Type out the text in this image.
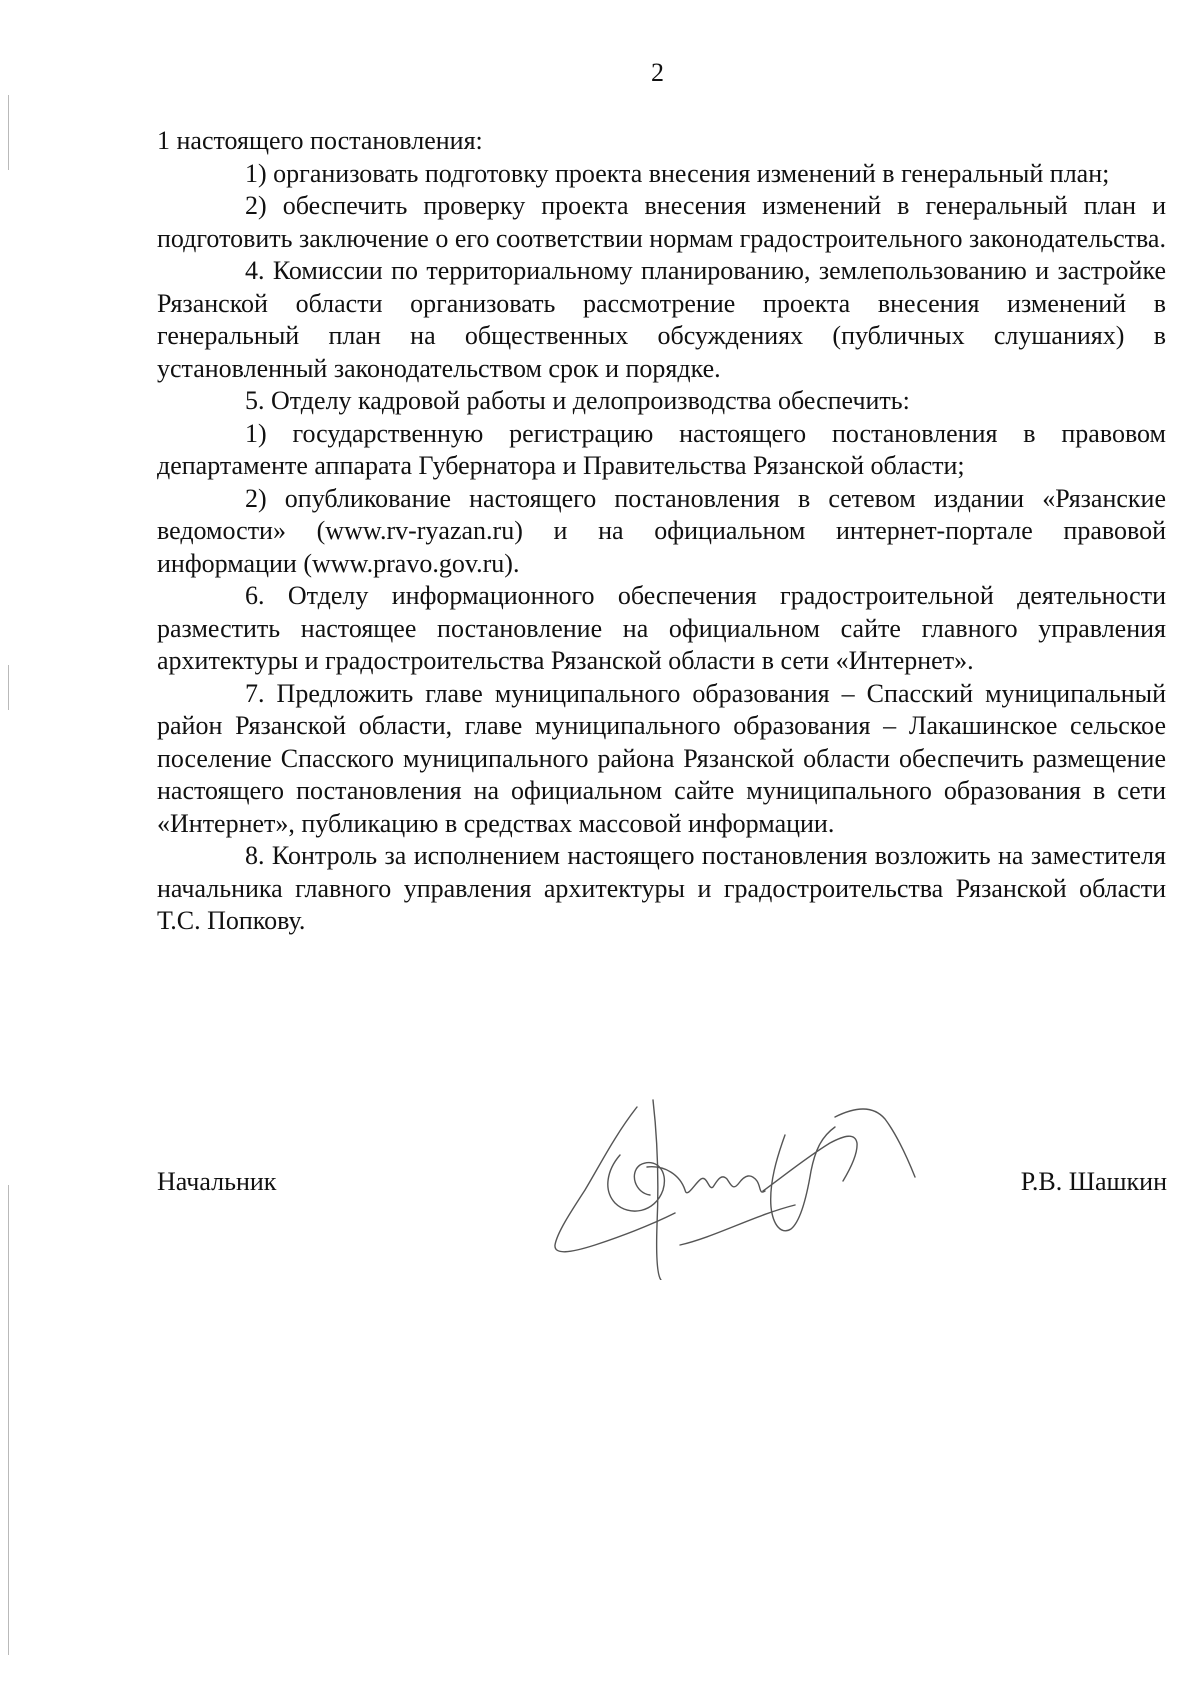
2

1 настоящего постановления:

1) организовать подготовку проекта внесения изменений в генеральный план;

2) обеспечить проверку проекта внесения изменений в генеральный план и подготовить заключение о его соответствии нормам градостроительного законодательства.

4. Комиссии по территориальному планированию, землепользованию и застройке Рязанской области организовать рассмотрение проекта внесения изменений в генеральный план на общественных обсуждениях (публичных слушаниях) в установленный законодательством срок и порядке.

5. Отделу кадровой работы и делопроизводства обеспечить:

1) государственную регистрацию настоящего постановления в правовом департаменте аппарата Губернатора и Правительства Рязанской области;

2) опубликование настоящего постановления в сетевом издании «Рязанские ведомости» (www.rv-ryazan.ru) и на официальном интернет-портале правовой информации (www.pravo.gov.ru).

6. Отделу информационного обеспечения градостроительной деятельности разместить настоящее постановление на официальном сайте главного управления архитектуры и градостроительства Рязанской области в сети «Интернет».

7. Предложить главе муниципального образования – Спасский муниципальный район Рязанской области, главе муниципального образования – Лакашинское сельское поселение Спасского муниципального района Рязанской области обеспечить размещение настоящего постановления на официальном сайте муниципального образования в сети «Интернет», публикацию в средствах массовой информации.

8. Контроль за исполнением настоящего постановления возложить на заместителя начальника главного управления архитектуры и градостроительства Рязанской области Т.С. Попкову.

Начальник	Р.В. Шашкин
